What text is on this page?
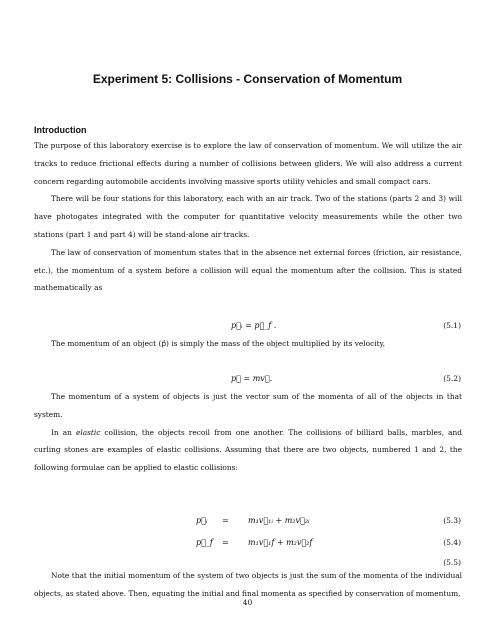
Experiment 5: Collisions - Conservation of Momentum
Introduction

The purpose of this laboratory exercise is to explore the law of conservation of momentum. We will utilize the air tracks to reduce frictional effects during a number of collisions between gliders. We will also address a current concern regarding automobile accidents involving massive sports utility vehicles and small compact cars.

There will be four stations for this laboratory, each with an air track. Two of the stations (parts 2 and 3) will have photogates integrated with the computer for quantitative velocity measurements while the other two stations (part 1 and part 4) will be stand-alone air tracks.

The law of conservation of momentum states that in the absence net external forces (friction, air resistance, etc.), the momentum of a system before a collision will equal the momentum after the collision. This is stated mathematically as

p⃗ᵢ = p⃗_f .	(5.1)

The momentum of an object (p⃗) is simply the mass of the object multiplied by its velocity,

p⃗ = mv⃗.	(5.2)

The momentum of a system of objects is just the vector sum of the momenta of all of the objects in that system.

In an elastic collision, the objects recoil from one another. The collisions of billiard balls, marbles, and curling stones are examples of elastic collisions. Assuming that there are two objects, numbered 1 and 2, the following formulae can be applied to elastic collisions:

p⃗ᵢ = m₁v⃗₁ᵢ + m₂v⃗₂ᵢ	(5.3)
p⃗_f = m₁v⃗₁f + m₂v⃗₂f	(5.4)
(5.5)

Note that the initial momentum of the system of two objects is just the sum of the momenta of the individual objects, as stated above. Then, equating the initial and final momenta as specified by conservation of momentum,

40
